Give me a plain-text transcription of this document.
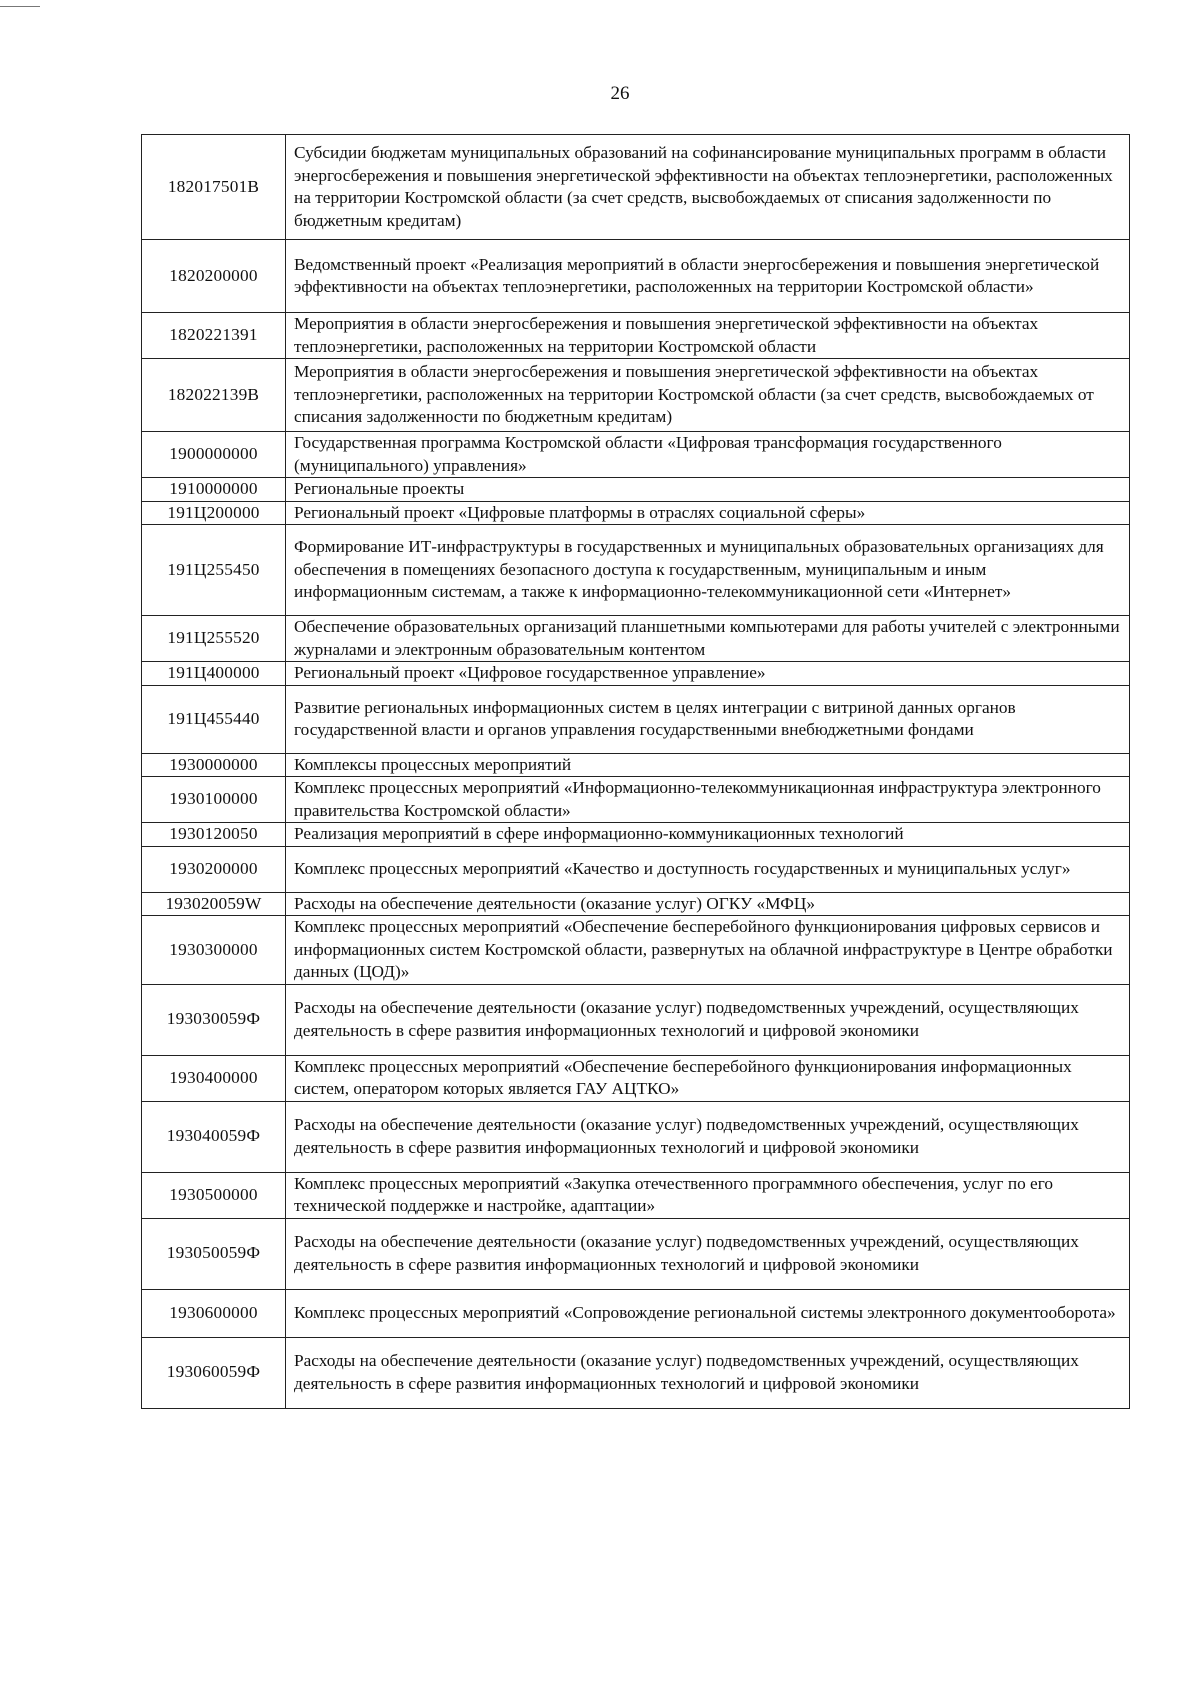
26
182017501В	Субсидии бюджетам муниципальных образований на софинансирование муниципальных программ в области энергосбережения и повышения энергетической эффективности на объектах теплоэнергетики, расположенных на территории Костромской области (за счет средств, высвобождаемых от списания задолженности по бюджетным кредитам)
1820200000	Ведомственный проект «Реализация мероприятий в области энергосбережения и повышения энергетической эффективности на объектах теплоэнергетики, расположенных на территории Костромской области»
1820221391	Мероприятия в области энергосбережения и повышения энергетической эффективности на объектах теплоэнергетики, расположенных на территории Костромской области
182022139В	Мероприятия в области энергосбережения и повышения энергетической эффективности на объектах теплоэнергетики, расположенных на территории Костромской области (за счет средств, высвобождаемых от списания задолженности по бюджетным кредитам)
1900000000	Государственная программа Костромской области «Цифровая трансформация государственного (муниципального) управления»
1910000000	Региональные проекты
191Ц200000	Региональный проект «Цифровые платформы в отраслях социальной сферы»
191Ц255450	Формирование ИТ-инфраструктуры в государственных и муниципальных образовательных организациях для обеспечения в помещениях безопасного доступа к государственным, муниципальным и иным информационным системам, а также к информационно-телекоммуникационной сети «Интернет»
191Ц255520	Обеспечение образовательных организаций планшетными компьютерами для работы учителей с электронными журналами и электронным образовательным контентом
191Ц400000	Региональный проект «Цифровое государственное управление»
191Ц455440	Развитие региональных информационных систем в целях интеграции с витриной данных органов государственной власти и органов управления государственными внебюджетными фондами
1930000000	Комплексы процессных мероприятий
1930100000	Комплекс процессных мероприятий «Информационно-телекоммуникационная инфраструктура электронного правительства Костромской области»
1930120050	Реализация мероприятий в сфере информационно-коммуникационных технологий
1930200000	Комплекс процессных мероприятий «Качество и доступность государственных и муниципальных услуг»
193020059W	Расходы на обеспечение деятельности (оказание услуг) ОГКУ «МФЦ»
1930300000	Комплекс процессных мероприятий «Обеспечение бесперебойного функционирования цифровых сервисов и информационных систем Костромской области, развернутых на облачной инфраструктуре в Центре обработки данных (ЦОД)»
193030059Ф	Расходы на обеспечение деятельности (оказание услуг) подведомственных учреждений, осуществляющих деятельность в сфере развития информационных технологий и цифровой экономики
1930400000	Комплекс процессных мероприятий «Обеспечение бесперебойного функционирования информационных систем, оператором которых является ГАУ АЦТКО»
193040059Ф	Расходы на обеспечение деятельности (оказание услуг) подведомственных учреждений, осуществляющих деятельность в сфере развития информационных технологий и цифровой экономики
1930500000	Комплекс процессных мероприятий «Закупка отечественного программного обеспечения, услуг по его технической поддержке и настройке, адаптации»
193050059Ф	Расходы на обеспечение деятельности (оказание услуг) подведомственных учреждений, осуществляющих деятельность в сфере развития информационных технологий и цифровой экономики
1930600000	Комплекс процессных мероприятий «Сопровождение региональной системы электронного документооборота»
193060059Ф	Расходы на обеспечение деятельности (оказание услуг) подведомственных учреждений, осуществляющих деятельность в сфере развития информационных технологий и цифровой экономики
